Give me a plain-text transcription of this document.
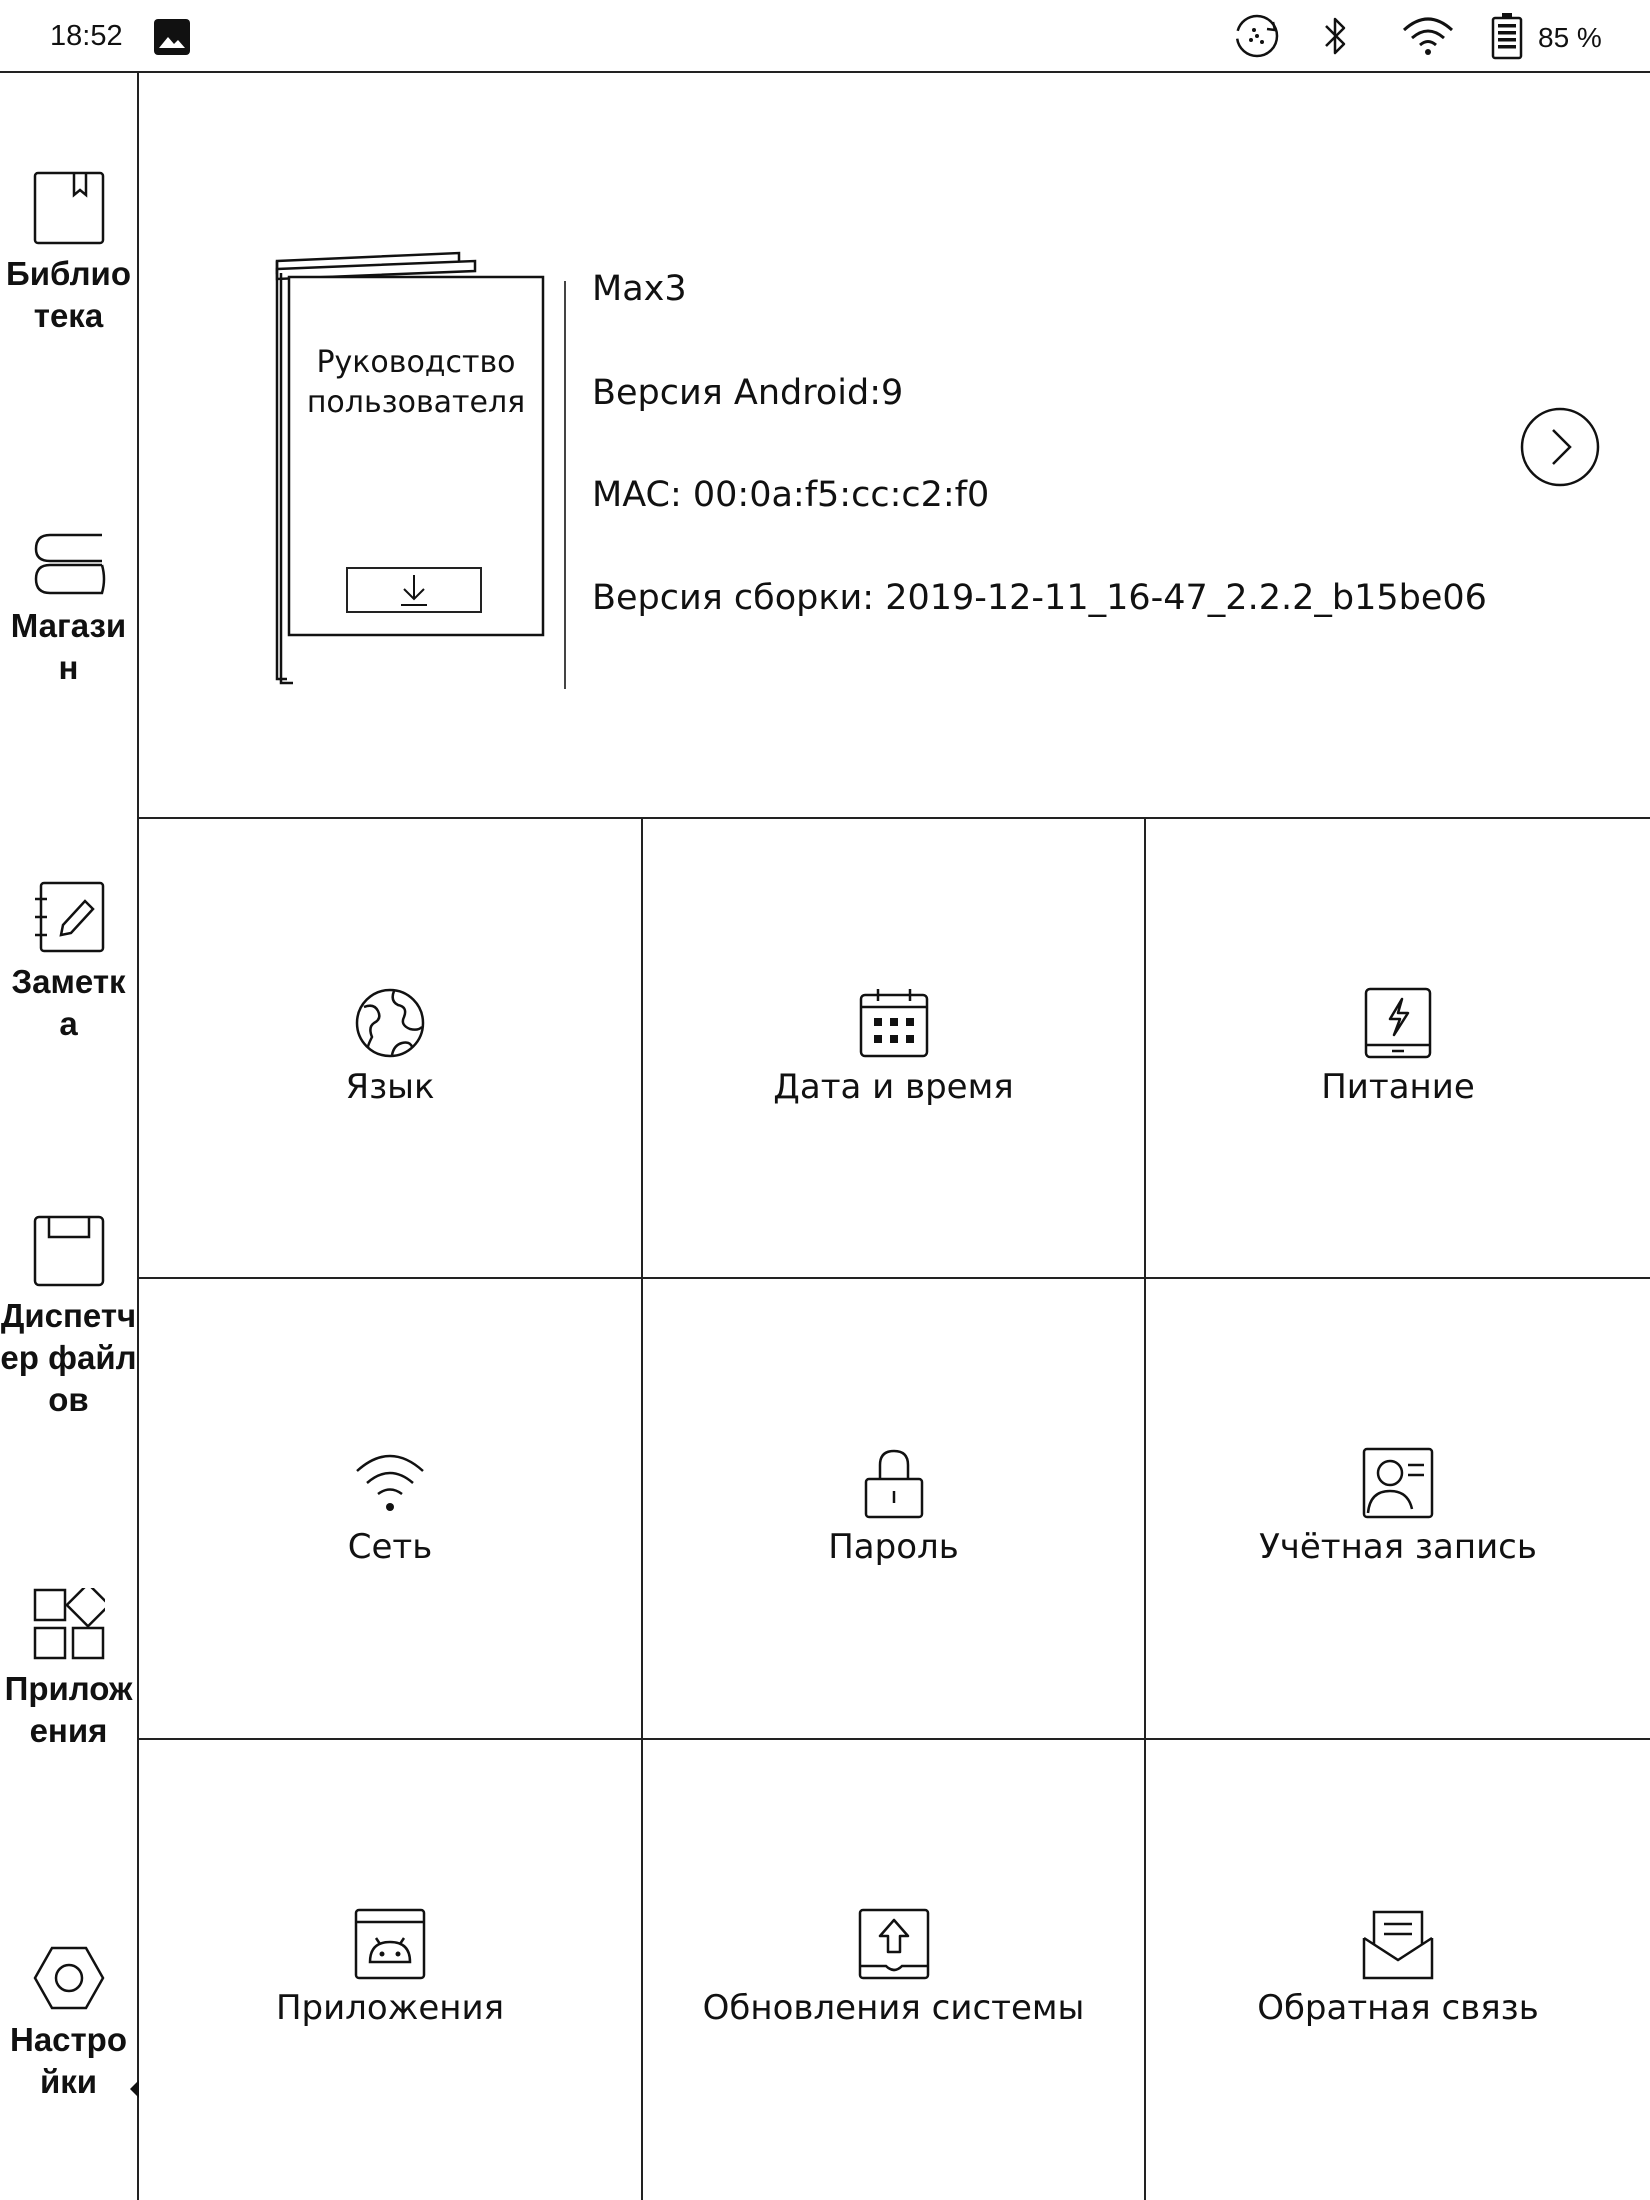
18:52	85 %
Библиотека
Магазин
Заметка
Диспетчер файлов
Приложения
Настройки
Руководство пользователя
Max3
Версия Android:9
MAC: 00:0a:f5:cc:c2:f0
Версия сборки: 2019-12-11_16-47_2.2.2_b15be06
Язык	Дата и время	Питание
Сеть	Пароль	Учётная запись
Приложения	Обновления системы	Обратная связь
